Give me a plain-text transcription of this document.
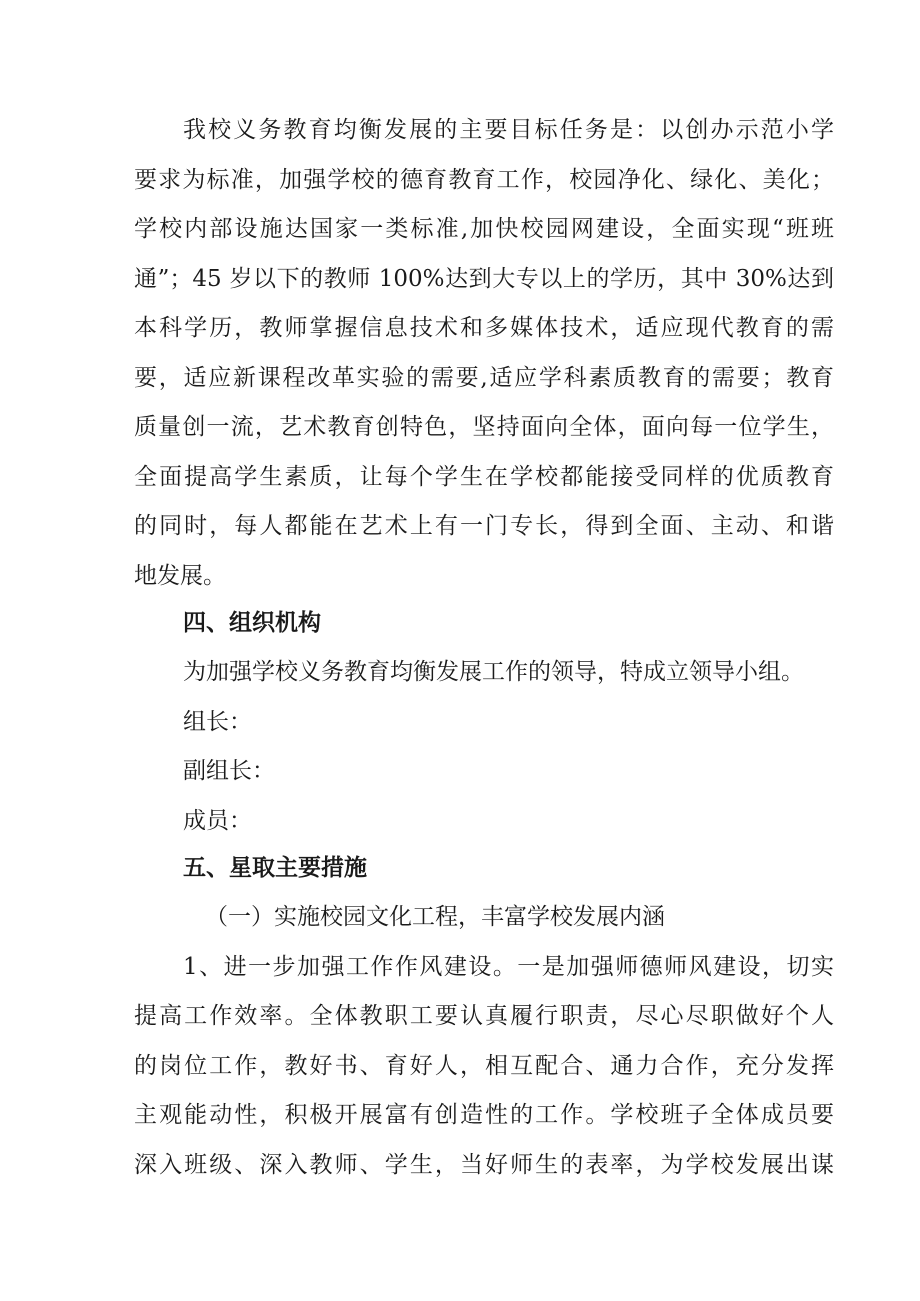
我校义务教育均衡发展的主要目标任务是：以创办示范小学
要求为标准，加强学校的德育教育工作，校园净化、绿化、美化；
学校内部设施达国家一类标准,加快校园网建设，全面实现“班班
通”；45 岁以下的教师 100%达到大专以上的学历，其中 30%达到
本科学历，教师掌握信息技术和多媒体技术，适应现代教育的需
要，适应新课程改革实验的需要,适应学科素质教育的需要；教育
质量创一流，艺术教育创特色，坚持面向全体，面向每一位学生，
全面提高学生素质，让每个学生在学校都能接受同样的优质教育
的同时，每人都能在艺术上有一门专长，得到全面、主动、和谐
地发展。
四、组织机构
为加强学校义务教育均衡发展工作的领导，特成立领导小组。
组长：
副组长：
成员：
五、星取主要措施
（一）实施校园文化工程，丰富学校发展内涵
1、进一步加强工作作风建设。一是加强师德师风建设，切实
提高工作效率。全体教职工要认真履行职责，尽心尽职做好个人
的岗位工作，教好书、育好人，相互配合、通力合作，充分发挥
主观能动性，积极开展富有创造性的工作。学校班子全体成员要
深入班级、深入教师、学生，当好师生的表率，为学校发展出谋
